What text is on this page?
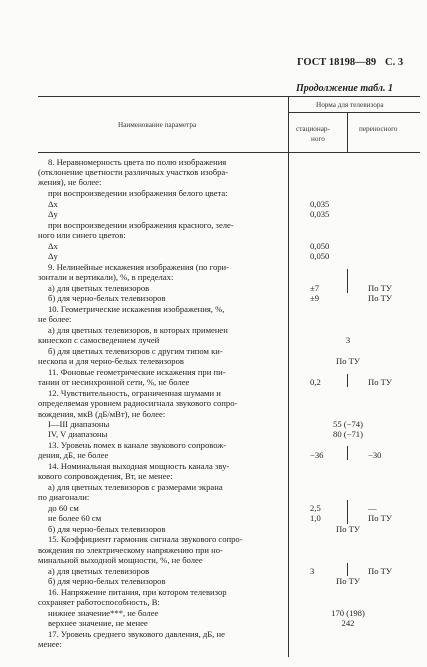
ГОСТ 18198—89 С. 3
Продолжение табл. 1
Наименование параметра
Норма для телевизора
стационар-
ного
переносного
8. Неравномерность цвета по полю изображения
(отклонение цветности различных участков изобра-
жения), не более:
при воспроизведении изображения белого цвета:
Δx	0,035
Δy	0,035
при воспроизведении изображения красного, зеле-
ного или синего цветов:
Δx	0,050
Δy	0,050
9. Нелинейные искажения изображения (по гори-
зонтали и вертикали), %, в пределах:
а) для цветных телевизоров	±7	По ТУ
б) для черно-белых телевизоров	±9	По ТУ
10. Геометрические искажения изображения, %,
не более:
а) для цветных телевизоров, в которых применен
кинескоп с самосведением лучей	3
б) для цветных телевизоров с другим типом ки-
нескопа и для черно-белых телевизоров	По ТУ
11. Фоновые геометрические искажения при пи-
тании от несинхронной сети, %, не более	0,2	По ТУ
12. Чувствительность, ограниченная шумами и
определяемая уровнем радиосигнала звукового сопро-
вождения, мкВ (дБ/мВт), не более:
I—III диапазоны	55 (−74)
IV, V диапазоны	80 (−71)
13. Уровень помех в канале звукового сопровож-
дения, дБ, не более	−36	−30
14. Номинальная выходная мощность канала зву-
кового сопровождения, Вт, не менее:
а) для цветных телевизоров с размерами экрана
по диагонали:
до 60 см	2,5	—
не более 60 см	1,0	По ТУ
б) для черно-белых телевизоров	По ТУ
15. Коэффициент гармоник сигнала звукового сопро-
вождения по электрическому напряжению при но-
минальной выходной мощности, %, не более
а) для цветных телевизоров	3	По ТУ
б) для черно-белых телевизоров	По ТУ
16. Напряжение питания, при котором телевизор
сохраняет работоспособность, В:
нижнее значение***, не более	170 (198)
верхнее значение, не менее	242
17. Уровень среднего звукового давления, дБ, не
менее:
